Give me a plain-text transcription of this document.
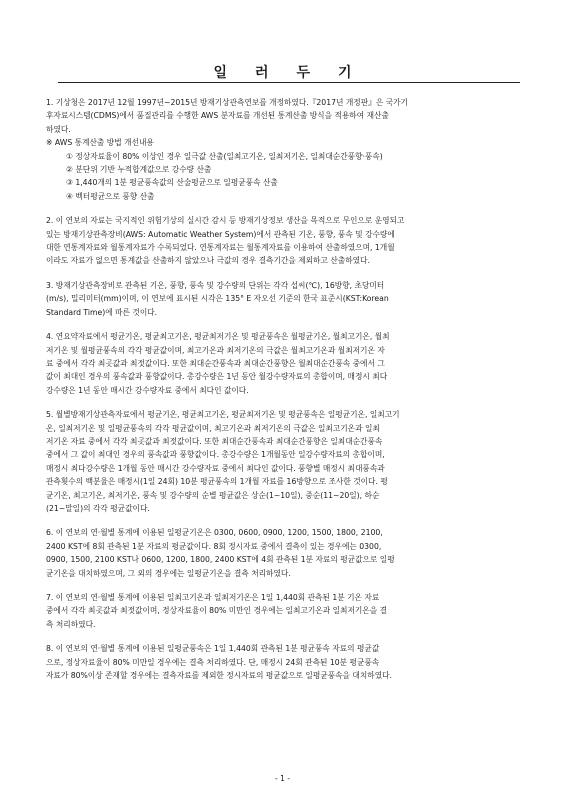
일 러 두 기
1. 기상청은 2017년 12월 1997년~2015년 방재기상관측연보를 개정하였다.『2017년 개정판』은 국가기
후자료시스템(CDMS)에서 품질관리를 수행한 AWS 분자료를 개선된 통계산출 방식을 적용하여 재산출
하였다.
※ AWS 통계산출 방법 개선내용
① 정상자료율이 80% 이상인 경우 일극값 산출(일최고기온, 일최저기온, 일최대순간풍향·풍속)
② 분단위 기반 누적합계값으로 강수량 산출
③ 1,440개의 1분 평균풍속값의 산술평균으로 일평균풍속 산출
④ 벡터평균으로 풍향 산출
2. 이 연보의 자료는 국지적인 위험기상의 실시간 감시 등 방재기상정보 생산을 목적으로 무인으로 운영되고
있는 방재기상관측장비(AWS: Automatic Weather System)에서 관측된 기온, 풍향, 풍속 및 강수량에
대한 연통계자료와 월통계자료가 수록되었다. 연통계자료는 월통계자료를 이용하여 산출하였으며, 1개월
이라도 자료가 없으면 통계값을 산출하지 않았으나 극값의 경우 결측기간을 제외하고 산출하였다.
3. 방재기상관측장비로 관측된 기온, 풍향, 풍속 및 강수량의 단위는 각각 섭씨(℃), 16방향, 초당미터
(m/s), 밀리미터(mm)이며, 이 연보에 표시된 시각은 135° E 자오선 기준의 한국 표준시(KST:Korean
Standard Time)에 따른 것이다.
4. 연요약자료에서 평균기온, 평균최고기온, 평균최저기온 및 평균풍속은 월평균기온, 월최고기온, 월최
저기온 및 월평균풍속의 각각 평균값이며, 최고기온과 최저기온의 극값은 월최고기온과 월최저기온 자
료 중에서 각각 최곳값과 최젓값이다. 또한 최대순간풍속과 최대순간풍향은 월최대순간풍속 중에서 그
값이 최대인 경우의 풍속값과 풍향값이다. 총강수량은 1년 동안 월강수량자료의 총합이며, 매정시 최다
강수량은 1년 동안 매시간 강수량자료 중에서 최다인 값이다.
5. 월별방재기상관측자료에서 평균기온, 평균최고기온, 평균최저기온 및 평균풍속은 일평균기온, 일최고기
온, 일최저기온 및 일평균풍속의 각각 평균값이며, 최고기온과 최저기온의 극값은 일최고기온과 일최
저기온 자료 중에서 각각 최곳값과 최젓값이다. 또한 최대순간풍속과 최대순간풍향은 일최대순간풍속
중에서 그 값이 최대인 경우의 풍속값과 풍향값이다. 총강수량은 1개월동안 일강수량자료의 총합이며,
매정시 최다강수량은 1개월 동안 매시간 강수량자료 중에서 최다인 값이다. 풍향별 매정시 최대풍속과
관측횟수의 백분율은 매정시(1일 24회) 10분 평균풍속의 1개월 자료를 16방향으로 조사한 것이다. 평
균기온, 최고기온, 최저기온, 풍속 및 강수량의 순별 평균값은 상순(1~10일), 중순(11~20일), 하순
(21~말일)의 각각 평균값이다.
6. 이 연보의 연·월별 통계에 이용된 일평균기온은 0300, 0600, 0900, 1200, 1500, 1800, 2100,
2400 KST에 8회 관측된 1분 자료의 평균값이다. 8회 정시자료 중에서 결측이 있는 경우에는 0300,
0900, 1500, 2100 KST나 0600, 1200, 1800, 2400 KST에 4회 관측된 1분 자료의 평균값으로 일평
균기온을 대치하였으며, 그 외의 경우에는 일평균기온을 결측 처리하였다.
7. 이 연보의 연·월별 통계에 이용된 일최고기온과 일최저기온은 1일 1,440회 관측된 1분 기온 자료
중에서 각각 최곳값과 최젓값이며, 정상자료율이 80% 미만인 경우에는 일최고기온과 일최저기온을 결
측 처리하였다.
8. 이 연보의 연·월별 통계에 이용된 일평균풍속은 1일 1,440회 관측된 1분 평균풍속 자료의 평균값
으로, 정상자료율이 80% 미만일 경우에는 결측 처리하였다. 단, 매정시 24회 관측된 10분 평균풍속
자료가 80%이상 존재할 경우에는 결측자료를 제외한 정시자료의 평균값으로 일평균풍속을 대치하였다.
- 1 -
